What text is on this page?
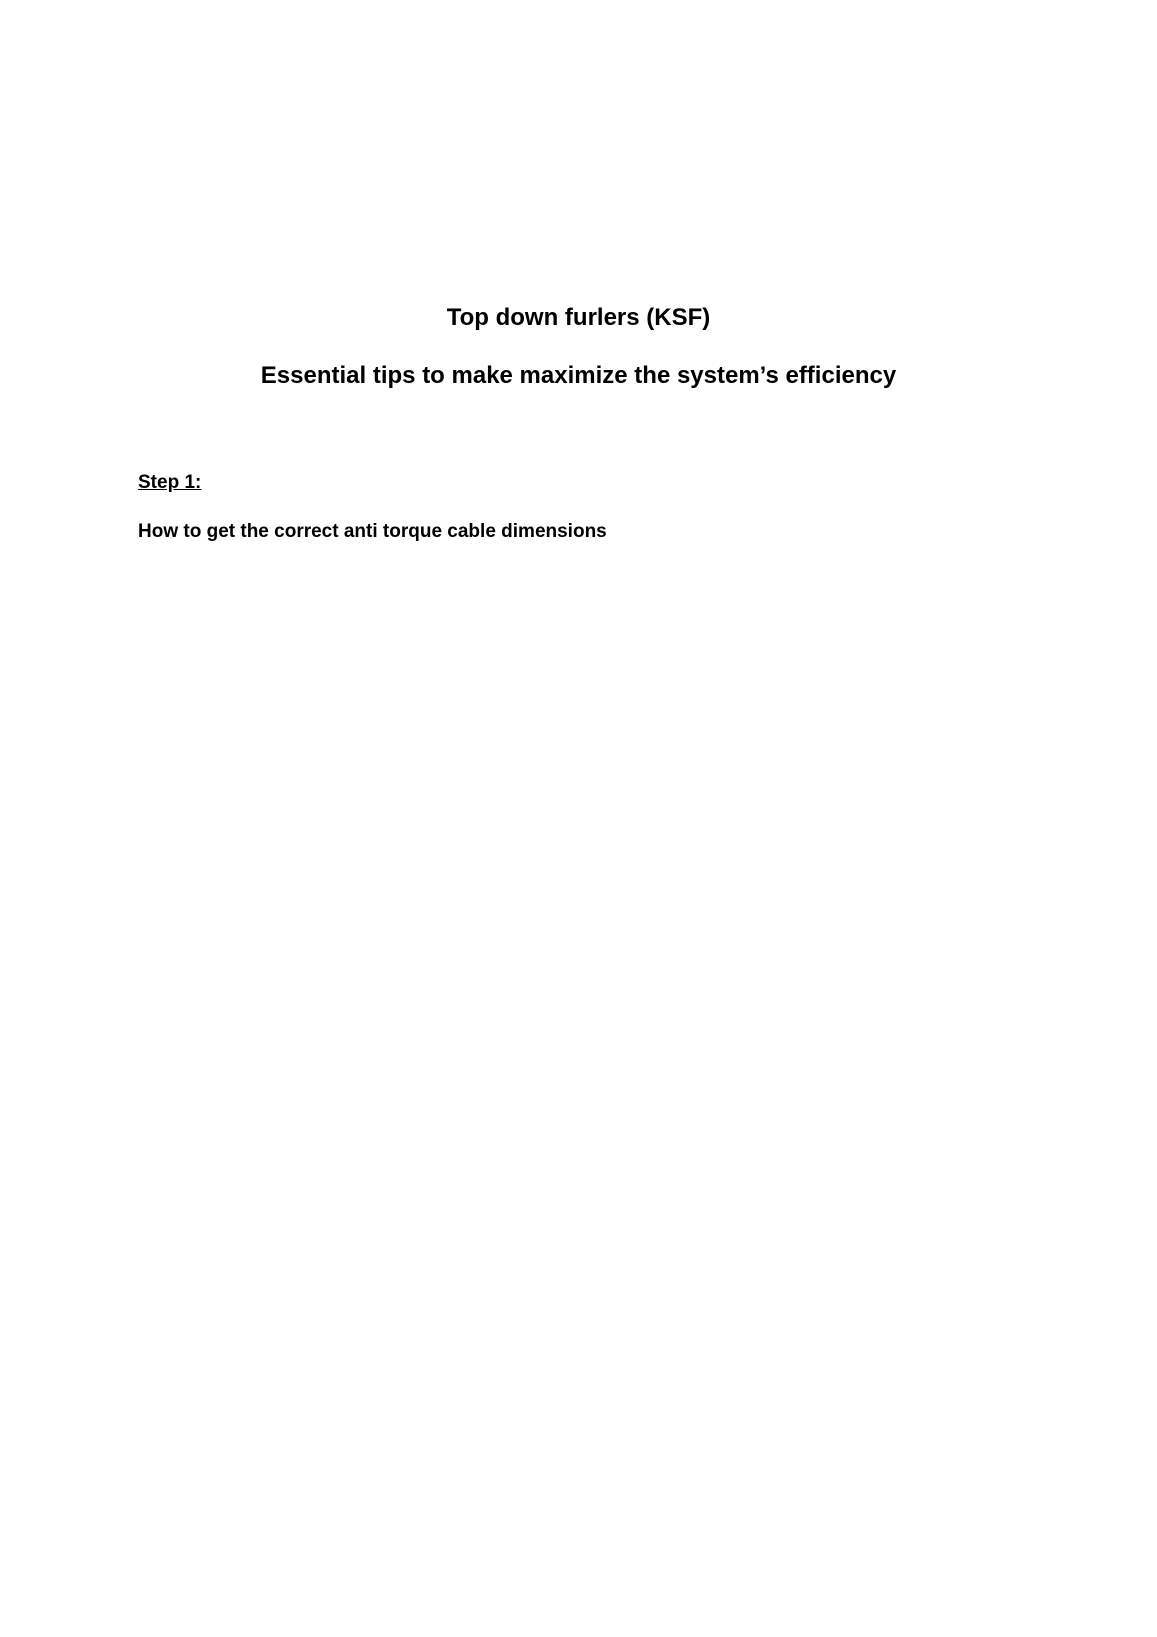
Top down furlers (KSF)
Essential tips to make maximize the system’s efficiency

Step 1:

How to get the correct anti torque cable dimensions
